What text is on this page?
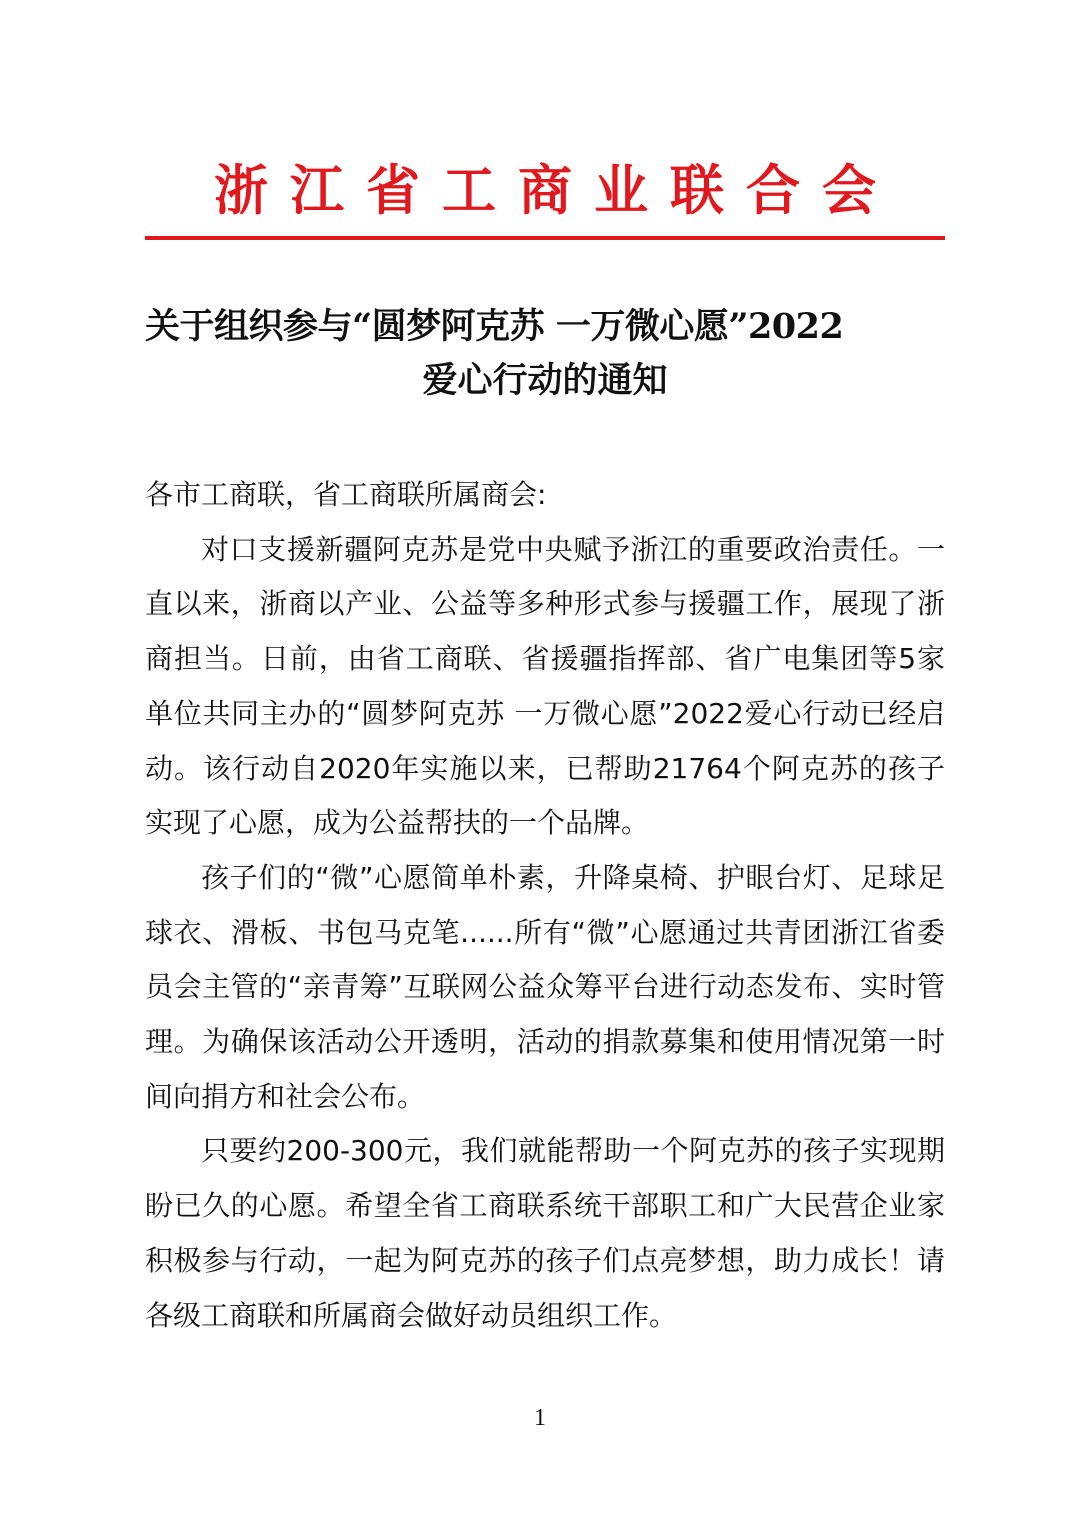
浙江省工商业联合会
关于组织参与“圆梦阿克苏 一万微心愿”2022
爱心行动的通知

各市工商联，省工商联所属商会:

对口支援新疆阿克苏是党中央赋予浙江的重要政治责任。一直以来，浙商以产业、公益等多种形式参与援疆工作，展现了浙商担当。日前，由省工商联、省援疆指挥部、省广电集团等5家单位共同主办的“圆梦阿克苏 一万微心愿”2022爱心行动已经启动。该行动自2020年实施以来，已帮助21764个阿克苏的孩子实现了心愿，成为公益帮扶的一个品牌。

孩子们的“微”心愿简单朴素，升降桌椅、护眼台灯、足球足球衣、滑板、书包马克笔......所有“微”心愿通过共青团浙江省委员会主管的“亲青筹”互联网公益众筹平台进行动态发布、实时管理。为确保该活动公开透明，活动的捐款募集和使用情况第一时间向捐方和社会公布。

只要约200-300元，我们就能帮助一个阿克苏的孩子实现期盼已久的心愿。希望全省工商联系统干部职工和广大民营企业家积极参与行动，一起为阿克苏的孩子们点亮梦想，助力成长！请各级工商联和所属商会做好动员组织工作。

1
